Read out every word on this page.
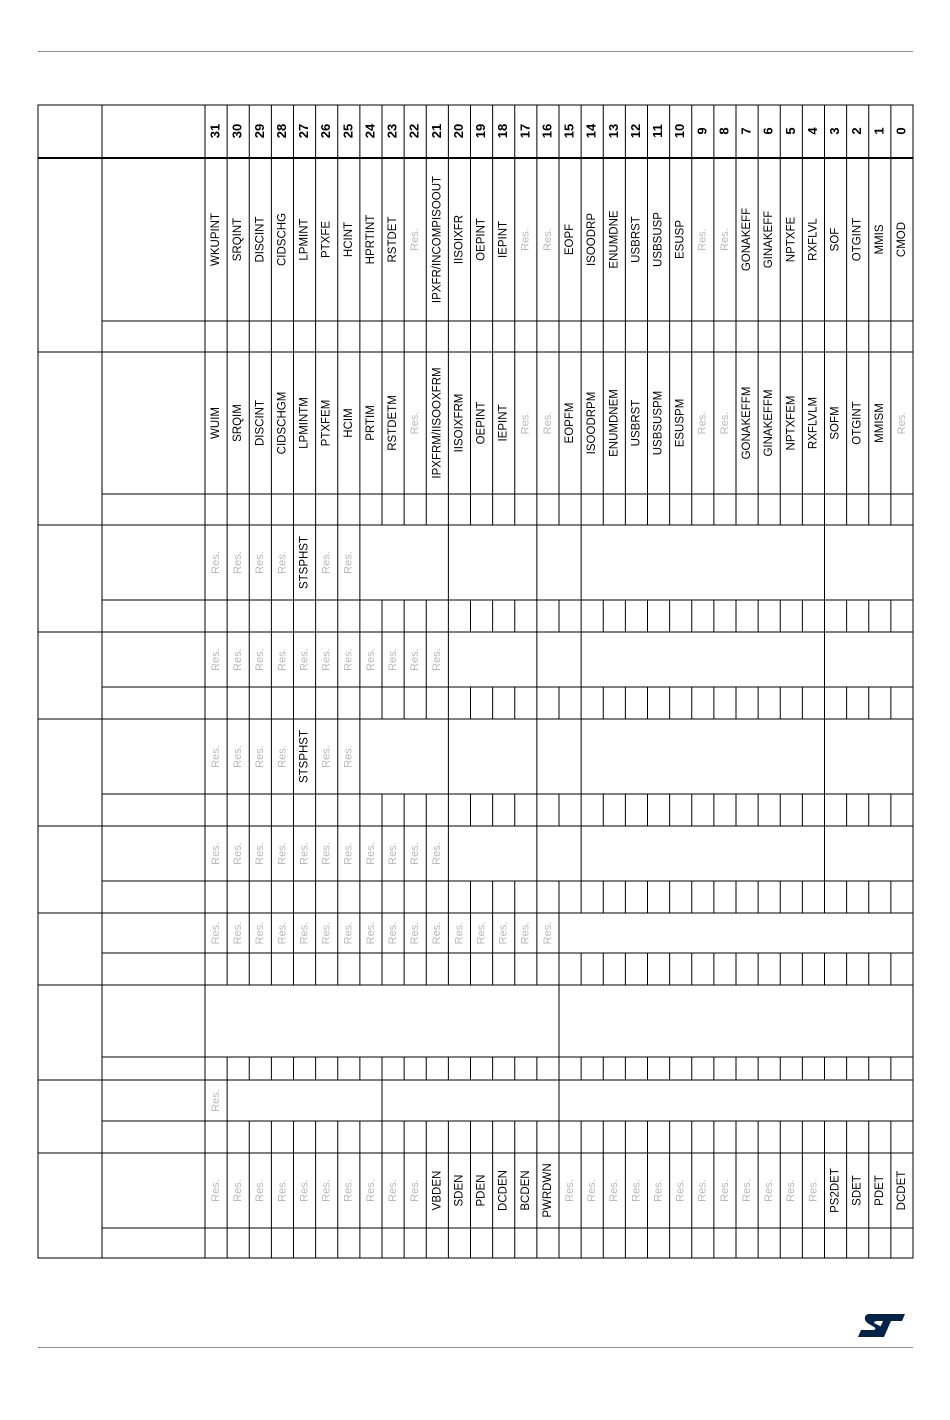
31 30 29 28 27 26 25 24 23 22 21 20 19 18 17 16 15 14 13 12 11 10 9 8 7 6 5 4 3 2 1 0
WKUPINT SRQINT DISCINT CIDSCHG LPMINT PTXFE HCINT HPRTINT RSTDET Res. IPXFR/INCOMPISOOUT IISOIXFR OEPINT IEPINT Res. Res. EOPF ISOODRP ENUMDNE USBRST USBSUSP ESUSP Res. Res. GONAKEFF GINAKEFF NPTXFE RXFLVL SOF OTGINT MMIS CMOD
WUIM SRQIM DISCINT CIDSCHGM LPMINTM PTXFEM HCIM PRTIM RSTDETM Res. IPXFRM/IISOOXFRM IISOIXFRM OEPINT IEPINT Res. Res. EOPFM ISOODRPM ENUMDNEM USBRST USBSUSPM ESUSPM Res. Res. GONAKEFFM GINAKEFFM NPTXFEM RXFLVLM SOFM OTGINT MMISM Res.
Res. Res. Res. Res. STSPHST Res. Res.
Res. Res. Res. Res. Res. Res. Res. Res. Res. Res. Res.
Res. Res. Res. Res. STSPHST Res. Res.
Res. Res. Res. Res. Res. Res. Res. Res. Res. Res. Res.
Res. Res. Res. Res. Res. Res. Res. Res. Res. Res. Res. Res. Res. Res. Res. Res.
Res.
Res. Res. Res. Res. Res. Res. Res. Res. Res. Res. VBDEN SDEN PDEN DCDEN BCDEN PWRDWN Res. Res. Res. Res. Res. Res. Res. Res. Res. Res. Res. Res. PS2DET SDET PDET DCDET
